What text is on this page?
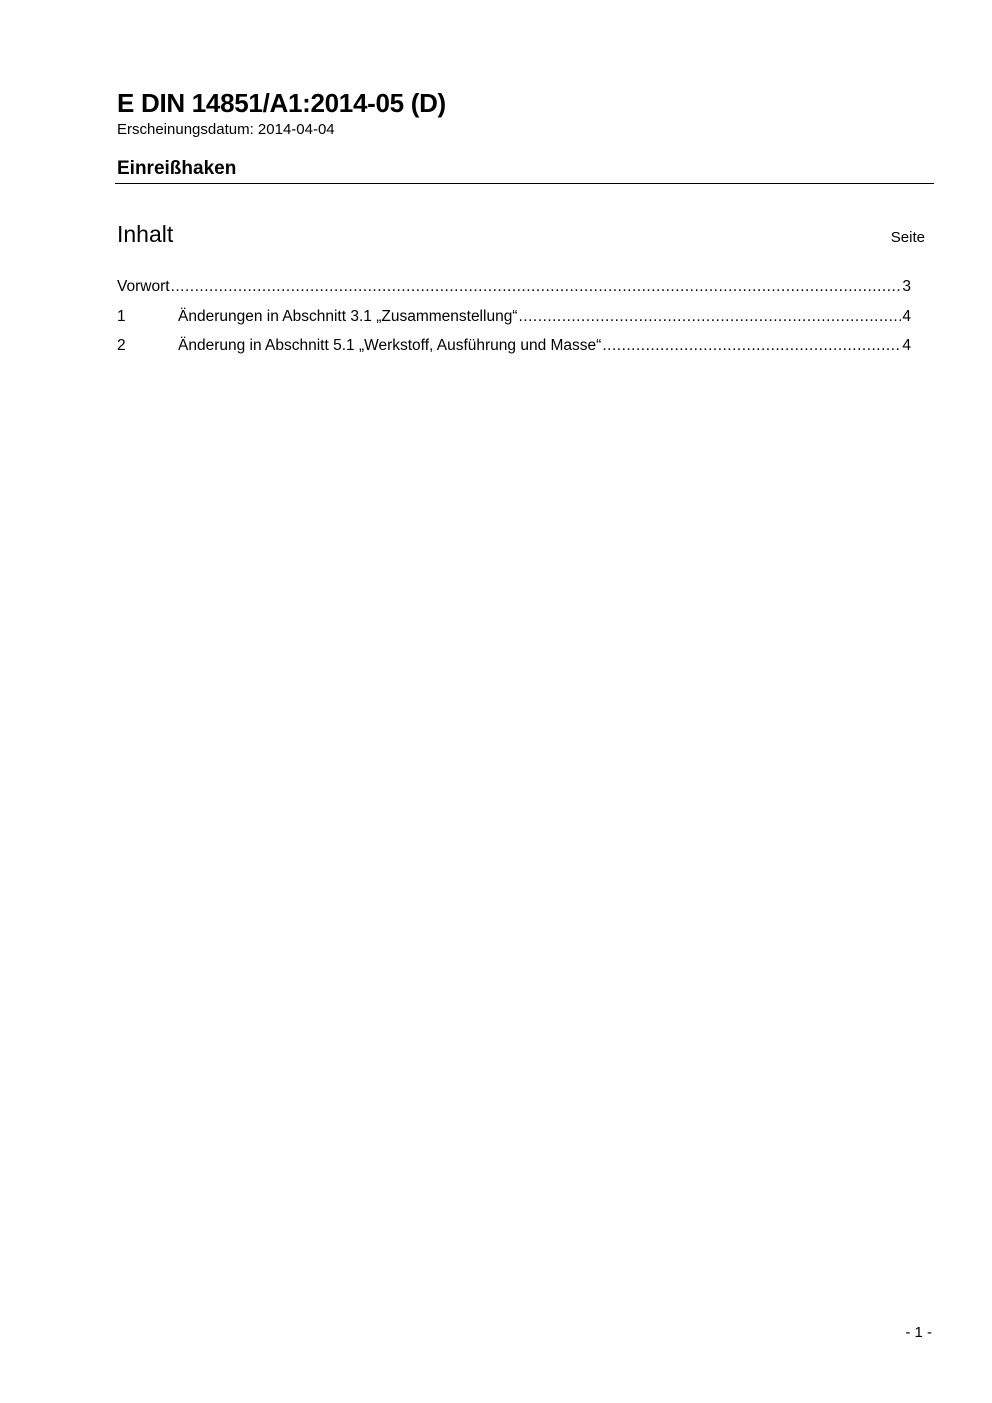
E DIN 14851/A1:2014-05 (D)
Erscheinungsdatum: 2014-04-04
Einreißhaken
Inhalt	Seite
Vorwort .....	3
1	Änderungen in Abschnitt 3.1 „Zusammenstellung“ .....	4
2	Änderung in Abschnitt 5.1 „Werkstoff, Ausführung und Masse“ .....	4
- 1 -
